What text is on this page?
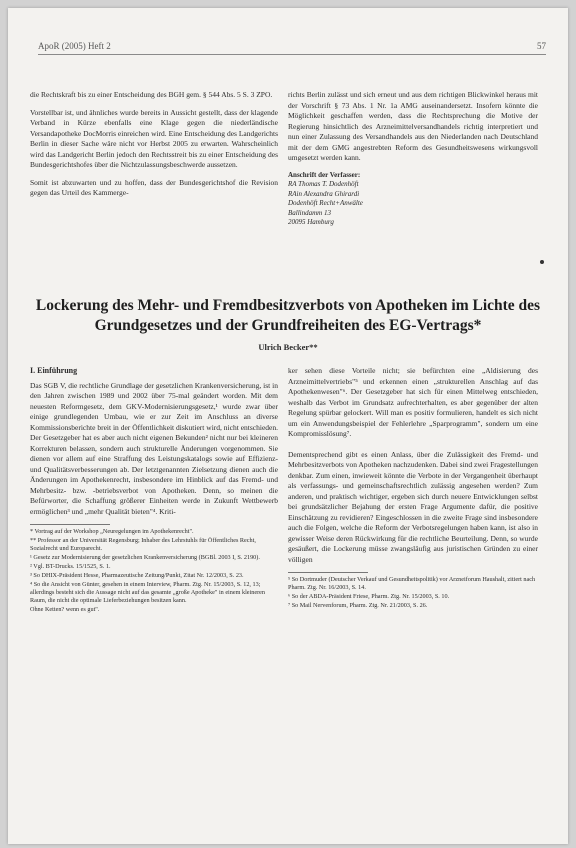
ApoR (2005) Heft 2	57

die Rechtskraft bis zu einer Entscheidung des BGH gem. § 544 Abs. 5 S. 3 ZPO.

Vorstellbar ist, und ähnliches wurde bereits in Aussicht gestellt, dass der klagende Verband in Kürze ebenfalls eine Klage gegen die niederländische Versandapotheke DocMorris einreichen wird. Eine Entscheidung des Landgerichts Berlin in dieser Sache wäre nicht vor Herbst 2005 zu erwarten. Wahrscheinlich wird das Landgericht Berlin jedoch den Rechtsstreit bis zu einer Entscheidung des Bundesgerichtshofes über die Nichtzulassungsbeschwerde aussetzen.

Somit ist abzuwarten und zu hoffen, dass der Bundesgerichtshof die Revision gegen das Urteil des Kammerge-

richts Berlin zulässt und sich erneut und aus dem richtigen Blickwinkel heraus mit der Vorschrift § 73 Abs. 1 Nr. 1a AMG auseinandersetzt. Insofern könnte die Möglichkeit geschaffen werden, dass die Rechtsprechung die Motive der Regierung hinsichtlich des Arzneimittelversandhandels richtig interpretiert und nun einer Zulassung des Versandhandels aus den Niederlanden nach Deutschland mit der dem GMG angestrebten Reform des Gesundheitswesens wirkungsvoll umgesetzt werden kann.

Anschrift der Verfasser:
RA Thomas T. Dodenhöft
RAin Alexandra Ghirardi
Dodenhöft Recht+Anwälte
Ballindamm 13
20095 Hamburg
Lockerung des Mehr- und Fremdbesitzverbots von Apotheken im Lichte des Grundgesetzes und der Grundfreiheiten des EG-Vertrags*
Ulrich Becker**
I. Einführung

Das SGB V, die rechtliche Grundlage der gesetzlichen Krankenversicherung, ist in den Jahren zwischen 1989 und 2002 über 75-mal geändert worden. Mit dem neuesten Reformgesetz, dem GKV-Modernisierungsgesetz,¹ wurde zwar über einige grundlegenden Umbau, wie er zur Zeit im Anschluss an diverse Kommissionsberichte breit in der Öffentlichkeit diskutiert wird, nicht entschieden. Der Gesetzgeber hat es aber auch nicht eigenen Bekunden² nicht nur bei kleineren Korrekturen belassen, sondern auch strukturelle Änderungen vorgenommen. Sie dienen vor allem auf eine Straffung des Leistungskatalogs sowie auf Effizienz- und Qualitätsverbesserungen ab. Der letztgenannten Zielsetzung dienen auch die Änderungen im Apothekenrecht, insbesondere im Hinblick auf das Fremd- und Mehrbesitz- bzw. -betriebsverbot von Apotheken. Denn, so meinen die Befürworter, die Schaffung größerer Einheiten werde in Zukunft Wettbewerb ermöglichen³ und „mehr Qualität bieten"⁴. Kriti-

* Vortrag auf der Workshop „Neuregelungen im Apothekenrecht".
** Professor an der Universität Regensburg; Inhaber des Lehrstuhls für Öffentliches Recht, Sozialrecht und Europarecht.
¹ Gesetz zur Modernisierung der gesetzlichen Krankenversicherung (BGBl. 2003 I, S. 2190).
² Vgl. BT-Drucks. 15/1525, S. 1.
³ So DHIX-Präsident Hesse, Pharmazeutische Zeitung/Punkt, Zitat Nr. 12/2003, S. 23.
⁴ So die Ansicht von Günter, gesehen in einem Interview, Pharm. Ztg. Nr. 15/2003, S. 12, 13; allerdings besteht sich die Aussage nicht auf das gesamte „große Apotheke" in einem kleineren Raum, die nicht die optimale Lieferbeziehungen besitzen kann.
Ohne Ketten? wenn es gut".

ker sehen diese Vorteile nicht; sie befürchten eine „Aldisierung des Arzneimittelvertriebs"⁵ und erkennen einen „strukturellen Anschlag auf das Apothekenwesen"⁶. Der Gesetzgeber hat sich für einen Mittelweg entschieden, weshalb das Verbot im Grundsatz aufrechterhalten, es aber gegenüber der alten Regelung spürbar gelockert. Will man es positiv formulieren, handelt es sich nicht um ein Anwendungsbeispiel der Fehlerlehre „Sparprogramm", sondern um eine Kompromisslösung⁷.

Dementsprechend gibt es einen Anlass, über die Zulässigkeit des Fremd- und Mehrbesitzverbots von Apotheken nachzudenken. Dabei sind zwei Fragestellungen denkbar. Zum einen, inwieweit könnte die Verbote in der Vergangenheit überhaupt als verfassungs- und gemeinschaftsrechtlich zulässig angesehen werden? Zum anderen, und praktisch wichtiger, ergeben sich durch neuere Entwicklungen selbst bei grundsätzlicher Bejahung der ersten Frage Argumente dafür, die positive Einschätzung zu revidieren? Eingeschlossen in die zweite Frage sind insbesondere auch die Folgen, welche die Reform der Verbotsregelungen haben kann, ist also in gewisser Weise deren Rückwirkung für die rechtliche Beurteilung. Denn, so wurde gesäußert, die Lockerung müsse zwangsläufig aus juristischen Gründen zu einer völligen

⁵ So Dortmuder (Deutscher Verkauf und Gesundheitspolitik) vor Arzneiforum Haushalt, zitiert nach Pharm. Ztg. Nr. 16/2003, S. 14.
⁶ So der ABDA-Präsident Friese, Pharm. Ztg. Nr. 15/2003, S. 10.
⁷ So Mail Nervenforum, Pharm. Ztg. Nr. 21/2003, S. 26.
